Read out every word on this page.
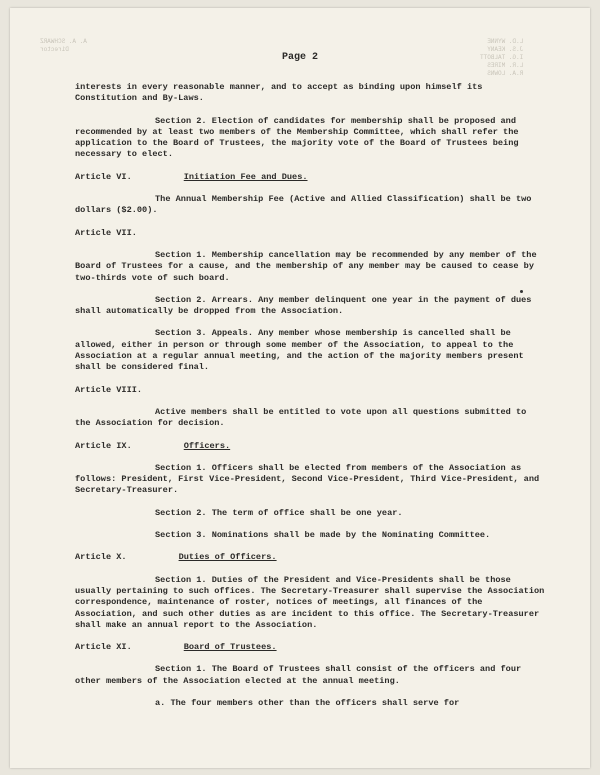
A. A. SCHWARZ
Director
L.D. WYNNE
J.S. KEANY
I.G. TALBOTT
L.R. MIRES
R.A. LOWNS
Page 2
interests in every reasonable manner, and to accept as binding upon himself its Constitution and By-Laws.
Section 2. Election of candidates for membership shall be proposed and recommended by at least two members of the Membership Committee, which shall refer the application to the Board of Trustees, the majority vote of the Board of Trustees being necessary to elect.
Article VI.	Initiation Fee and Dues.
The Annual Membership Fee (Active and Allied Classification) shall be two dollars ($2.00).
Article VII.
Section 1. Membership cancellation may be recommended by any member of the Board of Trustees for a cause, and the membership of any member may be caused to cease by two-thirds vote of such board.
Section 2. Arrears. Any member delinquent one year in the payment of dues shall automatically be dropped from the Association.
Section 3. Appeals. Any member whose membership is cancelled shall be allowed, either in person or through some member of the Association, to appeal to the Association at a regular annual meeting, and the action of the majority members present shall be considered final.
Article VIII.
Active members shall be entitled to vote upon all questions submitted to the Association for decision.
Article IX.	Officers.
Section 1. Officers shall be elected from members of the Association as follows: President, First Vice-President, Second Vice-President, Third Vice-President, and Secretary-Treasurer.
Section 2. The term of office shall be one year.
Section 3. Nominations shall be made by the Nominating Committee.
Article X.	Duties of Officers.
Section 1. Duties of the President and Vice-Presidents shall be those usually pertaining to such offices. The Secretary-Treasurer shall supervise the Association correspondence, maintenance of roster, notices of meetings, all finances of the Association, and such other duties as are incident to this office. The Secretary-Treasurer shall make an annual report to the Association.
Article XI.	Board of Trustees.
Section 1. The Board of Trustees shall consist of the officers and four other members of the Association elected at the annual meeting.
a. The four members other than the officers shall serve for
